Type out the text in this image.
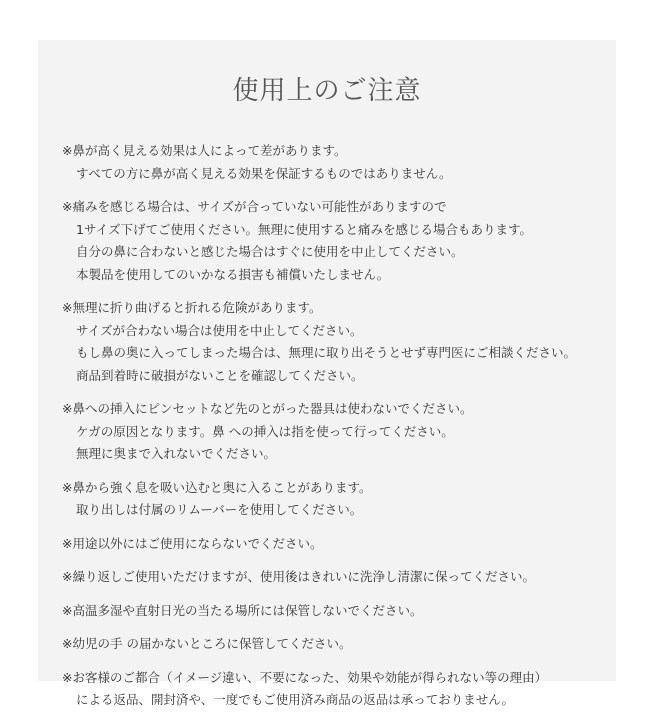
使用上のご注意
※鼻が高く見える効果は人によって差があります。
すべての方に鼻が高く見える効果を保証するものではありません。
※痛みを感じる場合は、サイズが合っていない可能性がありますので
1サイズ下げてご使用ください。無理に使用すると痛みを感じる場合もあります。
自分の鼻に合わないと感じた場合はすぐに使用を中止してください。
本製品を使用してのいかなる損害も補償いたしません。
※無理に折り曲げると折れる危険があります。
サイズが合わない場合は使用を中止してください。
もし鼻の奥に入ってしまった場合は、無理に取り出そうとせず専門医にご相談ください。
商品到着時に破損がないことを確認してください。
※鼻への挿入にピンセットなど先のとがった器具は使わないでください。
ケガの原因となります。鼻 への挿入は指を使って行ってください。
無理に奥まで入れないでください。
※鼻から強く息を吸い込むと奥に入ることがあります。
取り出しは付属のリムーバーを使用してください。
※用途以外にはご使用にならないでください。
※繰り返しご使用いただけますが、使用後はきれいに洗浄し清潔に保ってください。
※高温多湿や直射日光の当たる場所には保管しないでください。
※幼児の手 の届かないところに保管してください。
※お客様のご都合（イメージ違い、不要になった、効果や効能が得られない等の理由）
による返品、開封済や、一度でもご使用済み商品の返品は承っておりません。
